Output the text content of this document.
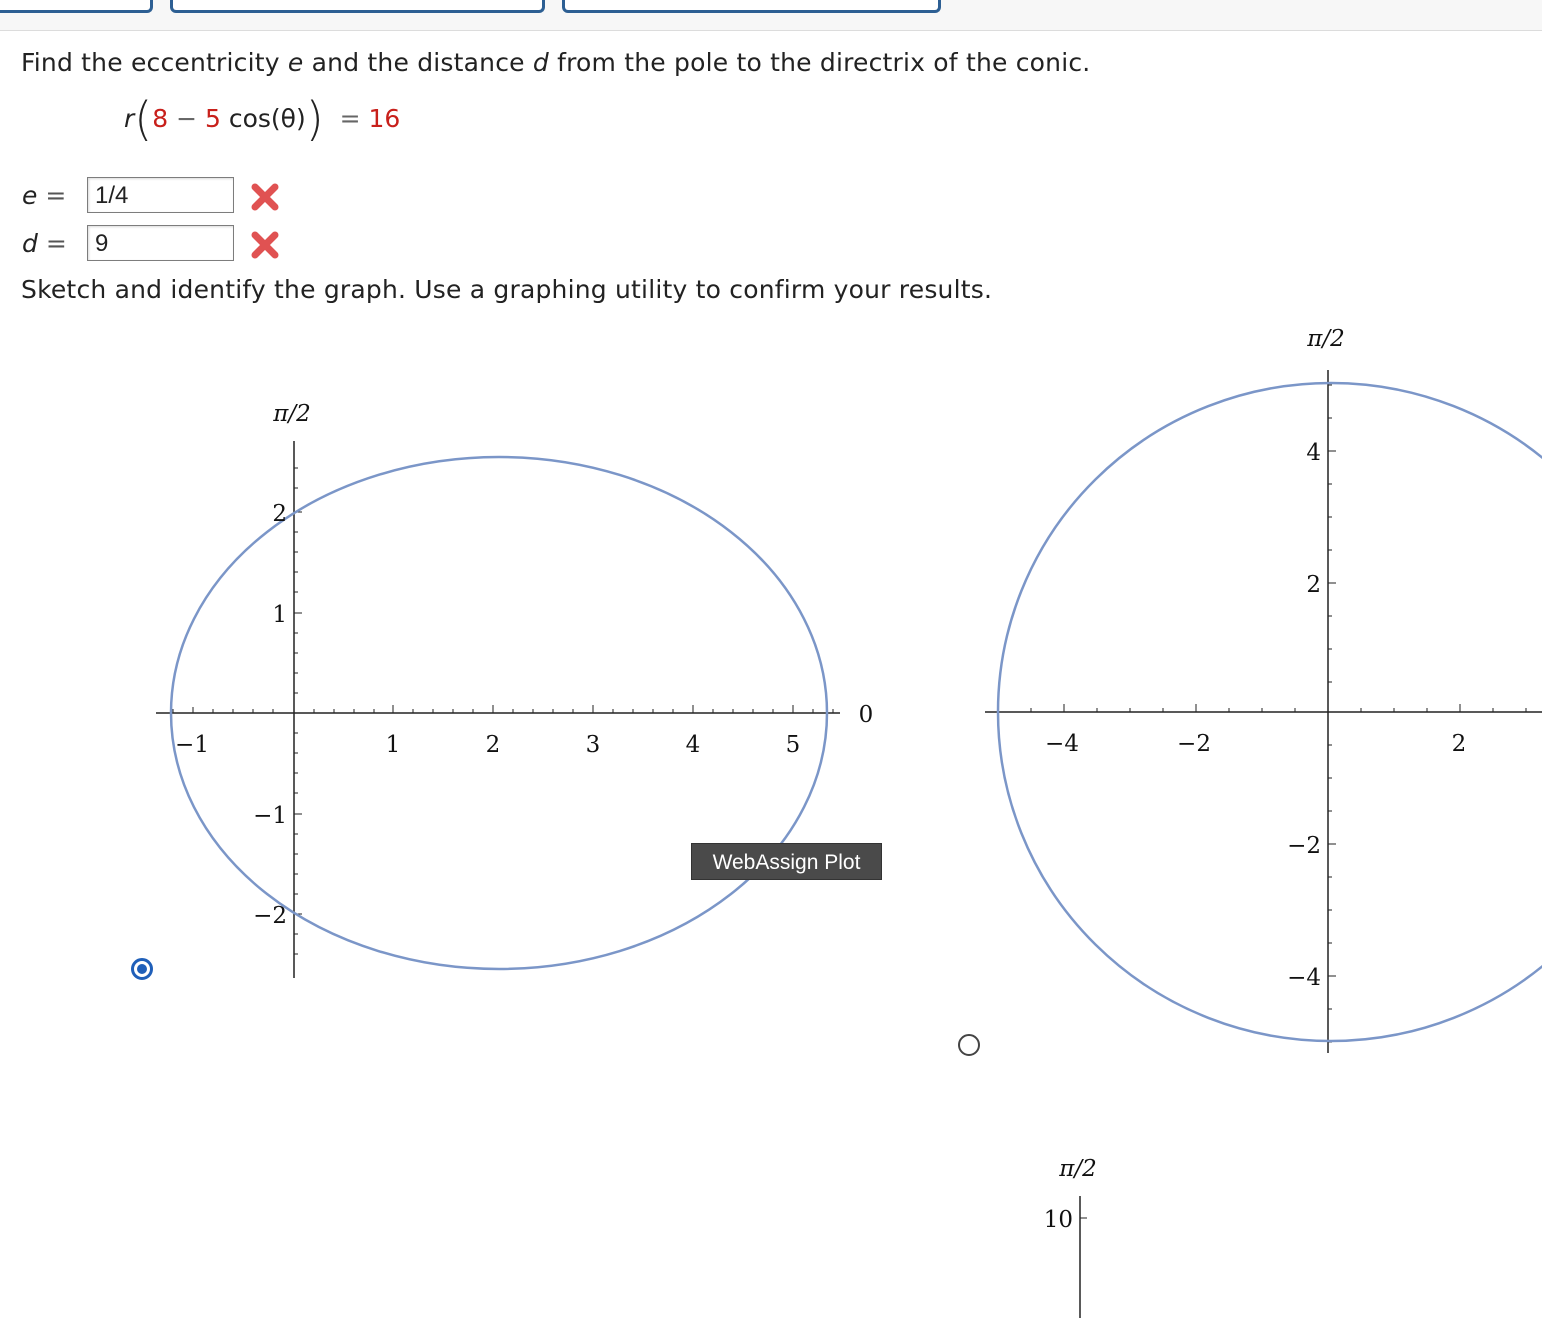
Find the eccentricity e and the distance d from the pole to the directrix of the conic.
r(8 − 5 cos(θ)) = 16
e =	1/4
d =	9
Sketch and identify the graph. Use a graphing utility to confirm your results.
π/2
0
−1	1	2	3	4	5
2
1
−1
−2
π/2
−4	−2	2
4
2
−2
−4
π/2
10
WebAssign Plot
